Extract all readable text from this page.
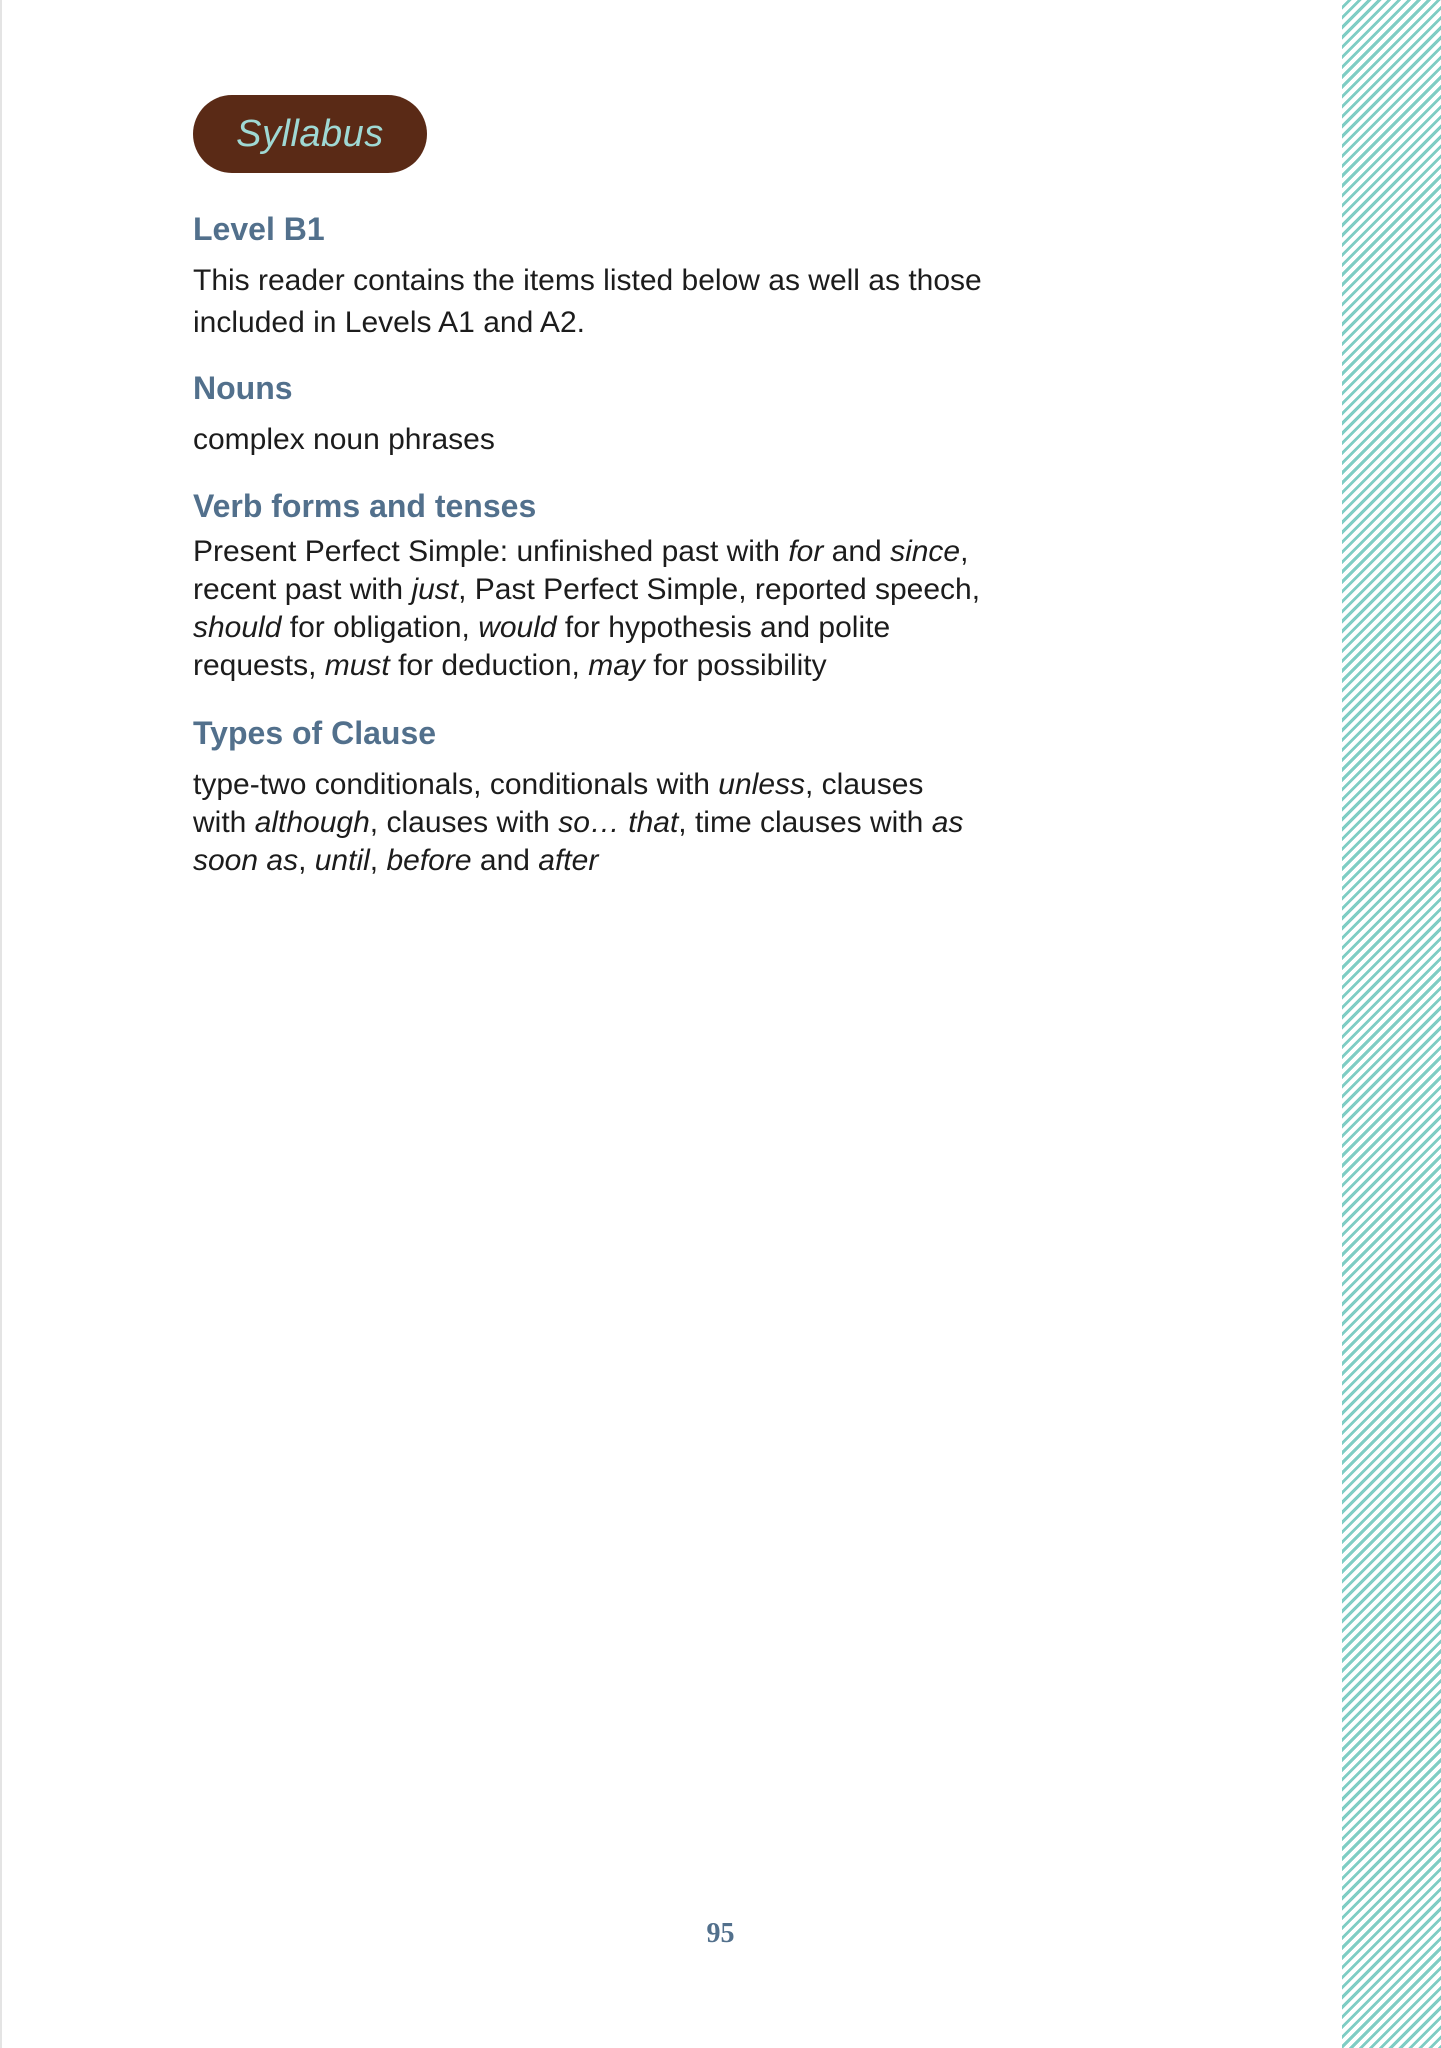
Syllabus
Level B1
This reader contains the items listed below as well as those
included in Levels A1 and A2.
Nouns
complex noun phrases
Verb forms and tenses
Present Perfect Simple: unfinished past with for and since,
recent past with just, Past Perfect Simple, reported speech,
should for obligation, would for hypothesis and polite
requests, must for deduction, may for possibility
Types of Clause
type-two conditionals, conditionals with unless, clauses
with although, clauses with so… that, time clauses with as
soon as, until, before and after
95
